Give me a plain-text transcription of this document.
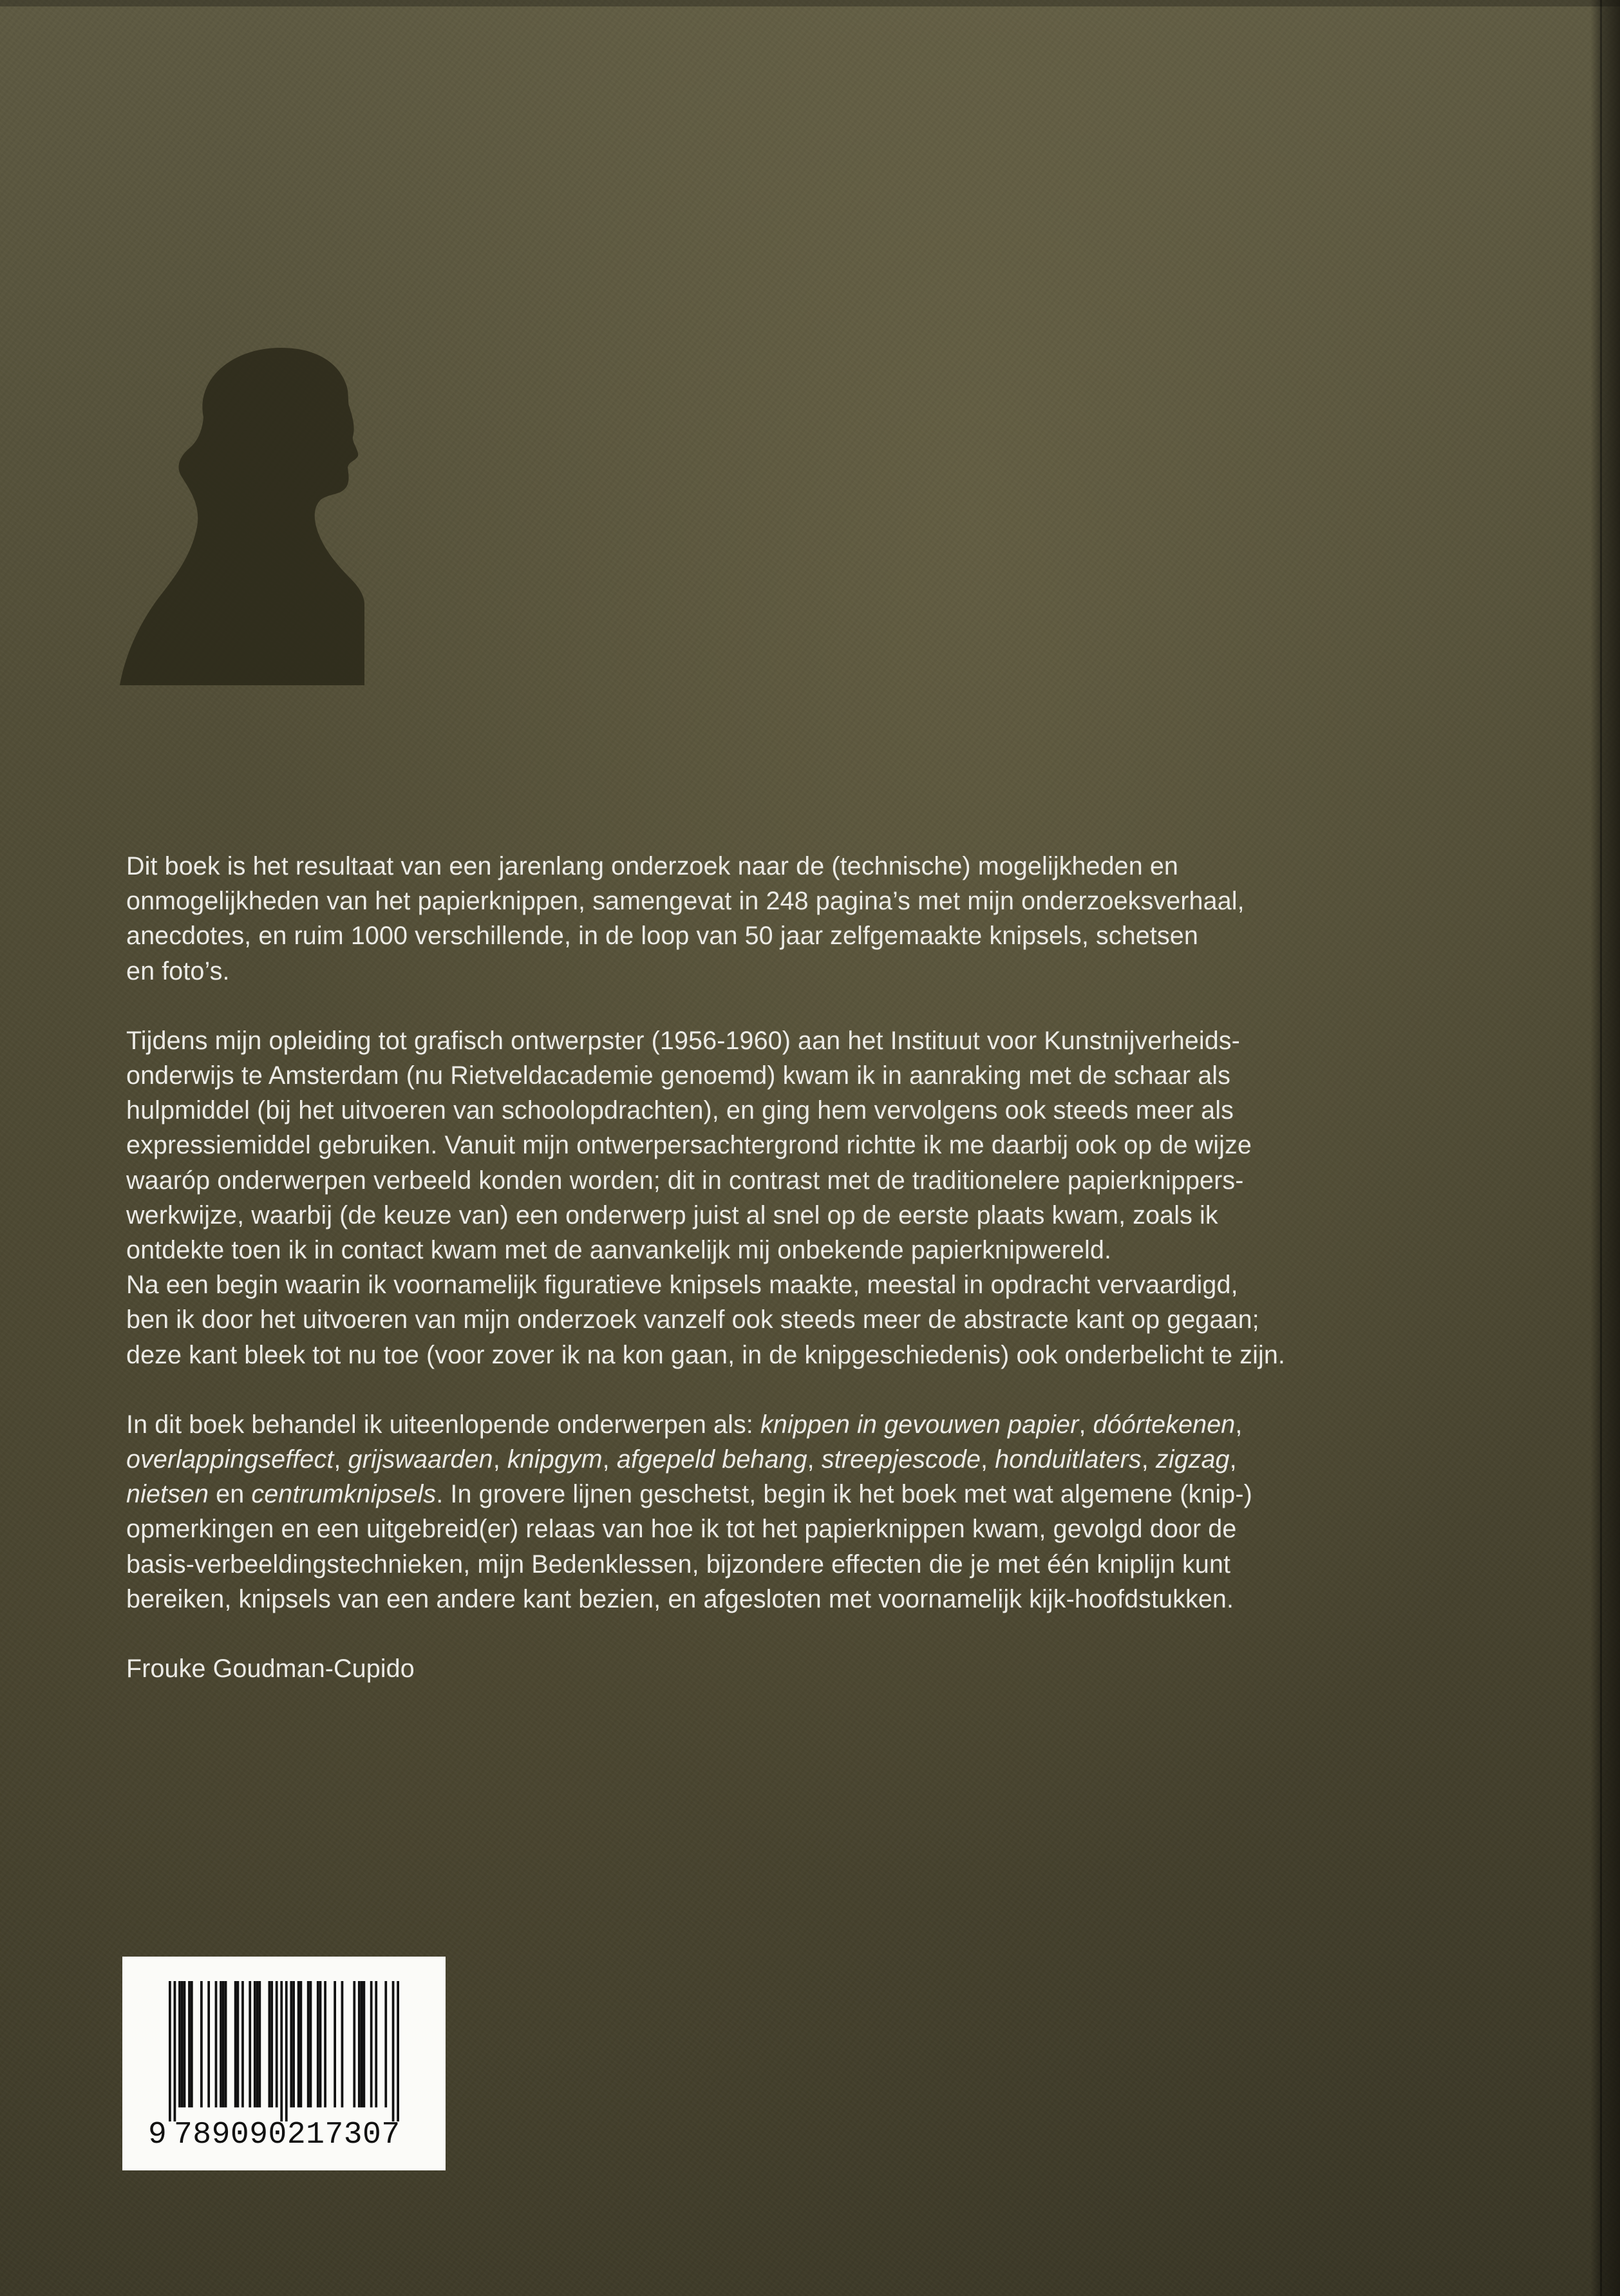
Dit boek is het resultaat van een jarenlang onderzoek naar de (technische) mogelijkheden en
onmogelijkheden van het papierknippen, samengevat in 248 pagina’s met mijn onderzoeksverhaal,
anecdotes, en ruim 1000 verschillende, in de loop van 50 jaar zelfgemaakte knipsels, schetsen
en foto’s.

Tijdens mijn opleiding tot grafisch ontwerpster (1956-1960) aan het Instituut voor Kunstnijverheids-
onderwijs te Amsterdam (nu Rietveldacademie genoemd) kwam ik in aanraking met de schaar als
hulpmiddel (bij het uitvoeren van schoolopdrachten), en ging hem vervolgens ook steeds meer als
expressiemiddel gebruiken. Vanuit mijn ontwerpersachtergrond richtte ik me daarbij ook op de wijze
waaróp onderwerpen verbeeld konden worden; dit in contrast met de traditionelere papierknippers-
werkwijze, waarbij (de keuze van) een onderwerp juist al snel op de eerste plaats kwam, zoals ik
ontdekte toen ik in contact kwam met de aanvankelijk mij onbekende papierknipwereld.
Na een begin waarin ik voornamelijk figuratieve knipsels maakte, meestal in opdracht vervaardigd,
ben ik door het uitvoeren van mijn onderzoek vanzelf ook steeds meer de abstracte kant op gegaan;
deze kant bleek tot nu toe (voor zover ik na kon gaan, in de knipgeschiedenis) ook onderbelicht te zijn.

In dit boek behandel ik uiteenlopende onderwerpen als: knippen in gevouwen papier, dóórtekenen,
overlappingseffect, grijswaarden, knipgym, afgepeld behang, streepjescode, honduitlaters, zigzag,
nietsen en centrumknipsels. In grovere lijnen geschetst, begin ik het boek met wat algemene (knip-)
opmerkingen en een uitgebreid(er) relaas van hoe ik tot het papierknippen kwam, gevolgd door de
basis-verbeeldingstechnieken, mijn Bedenklessen, bijzondere effecten die je met één kniplijn kunt
bereiken, knipsels van een andere kant bezien, en afgesloten met voornamelijk kijk-hoofdstukken.

Frouke Goudman-Cupido

9 789090217307
